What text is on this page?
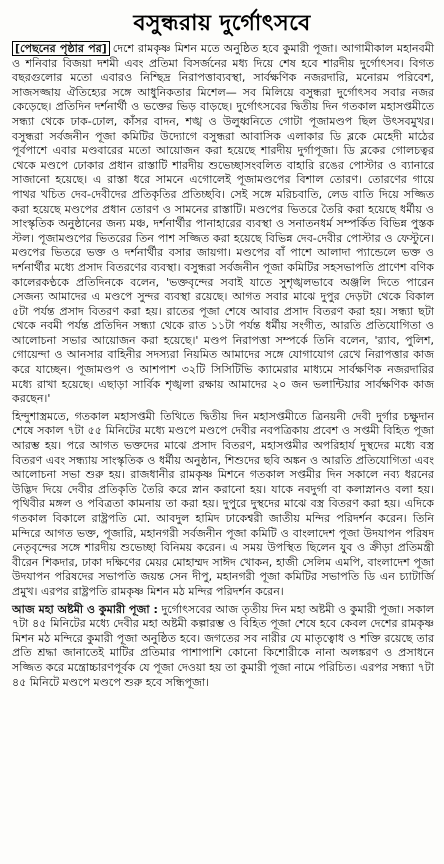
বসুন্ধরায় দুর্গোৎসবে

[পেছনের পৃষ্ঠার পর] দেশে রামকৃষ্ণ মিশন মতে অনুষ্ঠিত হবে কুমারী পূজা। আগামীকাল মহানবমী ও শনিবার বিজয়া দশমী এবং প্রতিমা বিসর্জনের মধ্য দিয়ে শেষ হবে শারদীয় দুর্গোৎসব। বিগত বছরগুলোর মতো এবারও নিশ্ছিদ্র নিরাপত্তাব্যবস্থা, সার্বক্ষণিক নজরদারি, মনোরম পরিবেশ, সাজসজ্জায় ঐতিহ্যের সঙ্গে আধুনিকতার মিশেল— সব মিলিয়ে বসুন্ধরা দুর্গোৎসব সবার নজর কেড়েছে। প্রতিদিন দর্শনার্থী ও ভক্তের ভিড় বাড়ছে। দুর্গোৎসবের দ্বিতীয় দিন গতকাল মহাসপ্তমীতে সন্ধ্যা থেকে ঢাক-ঢোল, কাঁসর বাদন, শঙ্খ ও উলুধ্বনিতে গোটা পূজামণ্ডপ ছিল উৎসবমুখর। বসুন্ধরা সর্বজনীন পূজা কমিটির উদ্যোগে বসুন্ধরা আবাসিক এলাকার ডি ব্লকে মেহেদী মাঠের পূর্বপাশে এবার মণ্ডবারের মতো আয়োজন করা হয়েছে শারদীয় দুর্গাপূজা। ডি ব্লকের গোলচত্বর থেকে মণ্ডপে ঢোকার প্রধান রাস্তাটি শারদীয় শুভেচ্ছাসংবলিত বাহারি রঙের পোস্টার ও ব্যানারে সাজানো হয়েছে। এ রাস্তা ধরে সামনে এগোলেই পূজামণ্ডপের বিশাল তোরণ। তোরণের গায়ে পাথর খচিত দেব-দেবীদের প্রতিকৃতির প্রতিচ্ছবি। সেই সঙ্গে মরিচবাতি, লেড বাতি দিয়ে সজ্জিত করা হয়েছে মণ্ডপের প্রধান তোরণ ও সামনের রাস্তাটি। মণ্ডপের ভিতরে তৈরি করা হয়েছে ধর্মীয় ও সাংস্কৃতিক অনুষ্ঠানের জন্য মঞ্চ, দর্শনার্থীর পানাহারের ব্যবস্থা ও সনাতনধর্ম সম্পর্কিত বিভিন্ন পুস্তক স্টল। পূজামণ্ডপের ভিতরের তিন পাশ সজ্জিত করা হয়েছে বিভিন্ন দেব-দেবীর পোস্টার ও ফেস্টুনে। মণ্ডপের ভিতরে ভক্ত ও দর্শনার্থীর বসার জায়গা। মণ্ডপের বাঁ পাশে আলাদা প্যান্ডেলে ভক্ত ও দর্শনার্থীর মধ্যে প্রসাদ বিতরণের ব্যবস্থা। বসুন্ধরা সর্বজনীন পূজা কমিটির সহসভাপতি প্রাণেশ বণিক কালেরকণ্ঠকে প্রতিদিনকে বলেন, 'ভক্তবৃন্দের সবাই যাতে সুশৃঙ্খলভাবে অঞ্জলি দিতে পারেন সেজন্য আমাদের এ মণ্ডপে সুন্দর ব্যবস্থা রয়েছে। আগত সবার মাঝে দুপুর দেড়টা থেকে বিকাল ৫টা পর্যন্ত প্রসাদ বিতরণ করা হয়। রাতের পূজা শেষে আবার প্রসাদ বিতরণ করা হয়। সন্ধ্যা ছটা থেকে নবমী পর্যন্ত প্রতিদিন সন্ধ্যা থেকে রাত ১১টা পর্যন্ত ধর্মীয় সংগীত, আরতি প্রতিযোগিতা ও আলোচনা সভার আয়োজন করা হয়েছে।' মণ্ডপ নিরাপত্তা সম্পর্কে তিনি বলেন, 'র‍্যাব, পুলিশ, গোয়েন্দা ও আনসার বাহিনীর সদস্যরা নিয়মিত আমাদের সঙ্গে যোগাযোগ রেখে নিরাপত্তার কাজ করে যাচ্ছেন। পূজামণ্ডপ ও আশপাশ ৩২টি সিসিটিভি ক্যামেরার মাধ্যমে সার্বক্ষণিক নজরদারির মধ্যে রাখা হয়েছে। এছাড়া সার্বিক শৃঙ্খলা রক্ষায় আমাদের ২০ জন ভলান্টিয়ার সার্বক্ষণিক কাজ করছেন।'

হিন্দুশাস্ত্রমতে, গতকাল মহাসপ্তমী তিথিতে দ্বিতীয় দিন মহাসপ্তমীতে ত্রিনয়নী দেবী দুর্গার চক্ষুদান শেষে সকাল ৭টা ৫৫ মিনিটের মধ্যে মণ্ডপে মণ্ডপে দেবীর নবপত্রিকায় প্রবেশ ও সপ্তমী বিহিত পূজা আরম্ভ হয়। পরে আগত ভক্তদের মাঝে প্রসাদ বিতরণ, মহাসপ্তমীর অপরিহার্য দুস্থদের মধ্যে বস্ত্র বিতরণ এবং সন্ধ্যায় সাংস্কৃতিক ও ধর্মীয় অনুষ্ঠান, শিশুদের ছবি অঙ্কন ও আরতি প্রতিযোগিতা এবং আলোচনা সভা শুরু হয়। রাজধানীর রামকৃষ্ণ মিশনে গতকাল সপ্তমীর দিন সকালে নব্য ধরনের উদ্ভিদ দিয়ে দেবীর প্রতিকৃতি তৈরি করে স্নান করানো হয়। যাকে নবদুর্গা বা কলাস্নানও বলা হয়। পৃথিবীর মঙ্গল ও পবিত্রতা কামনায় তা করা হয়। দুপুরে দুস্থদের মাঝে বস্ত্র বিতরণ করা হয়। এদিকে গতকাল বিকালে রাষ্ট্রপতি মো. আবদুল হামিদ ঢাকেশ্বরী জাতীয় মন্দির পরিদর্শন করেন। তিনি মন্দিরে আগত ভক্ত, পূজারি, মহানগরী সর্বজনীন পূজা কমিটি ও বাংলাদেশ পূজা উদযাপন পরিষদ নেতৃবৃন্দের সঙ্গে শারদীয় শুভেচ্ছা বিনিময় করেন। এ সময় উপস্থিত ছিলেন যুব ও ক্রীড়া প্রতিমন্ত্রী বীরেন শিকদার, ঢাকা দক্ষিণের মেয়র মোহাম্মদ সাঈদ খোকন, হাজী সেলিম এমপি, বাংলাদেশ পূজা উদযাপন পরিষদের সভাপতি জয়ন্ত সেন দীপু, মহানগরী পূজা কমিটির সভাপতি ডি এন চ্যাটার্জি প্রমুখ। এরপর রাষ্ট্রপতি রামকৃষ্ণ মিশন মঠ মন্দির পরিদর্শন করেন।

আজ মহা অষ্টমী ও কুমারী পূজা : দুর্গোৎসবের আজ তৃতীয় দিন মহা অষ্টমী ও কুমারী পূজা। সকাল ৭টা ৪৫ মিনিটের মধ্যে দেবীর মহা অষ্টমী কল্পারম্ভ ও বিহিত পূজা শেষে হবে কেবল দেশের রামকৃষ্ণ মিশন মঠ মন্দিরে কুমারী পূজা অনুষ্ঠিত হবে। জগতের সব নারীর যে মাতৃত্বোধ ও শক্তি রয়েছে তার প্রতি শ্রদ্ধা জানাতেই মাটির প্রতিমার পাশাপাশি কোনো কিশোরীকে নানা অলঙ্করণ ও প্রসাধনে সজ্জিত করে মন্ত্রোচ্চারণপূর্বক যে পূজা দেওয়া হয় তা কুমারী পূজা নামে পরিচিত। এরপর সন্ধ্যা ৭টা ৪৫ মিনিটে মণ্ডপে মণ্ডপে শুরু হবে সন্ধিপূজা।
